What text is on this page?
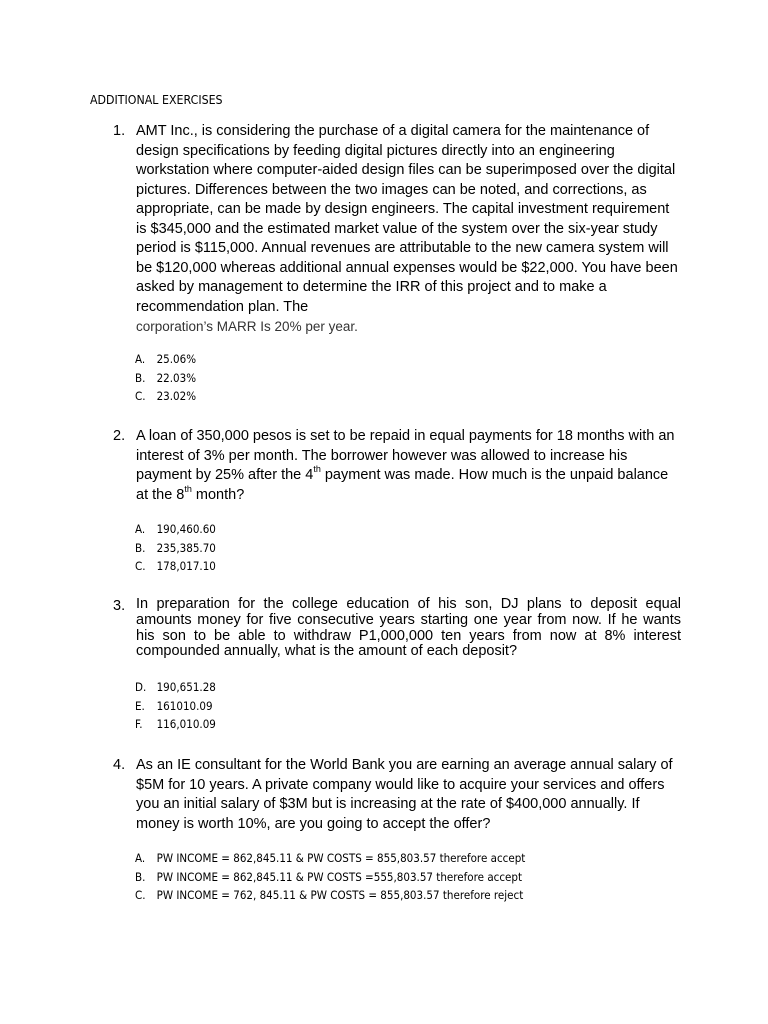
ADDITIONAL EXERCISES
1. AMT Inc., is considering the purchase of a digital camera for the maintenance of design specifications by feeding digital pictures directly into an engineering workstation where computer-aided design files can be superimposed over the digital pictures. Differences between the two images can be noted, and corrections, as appropriate, can be made by design engineers. The capital investment requirement is $345,000 and the estimated market value of the system over the six-year study period is $115,000. Annual revenues are attributable to the new camera system will be $120,000 whereas additional annual expenses would be $22,000. You have been asked by management to determine the IRR of this project and to make a recommendation plan. The
corporation’s MARR Is 20% per year.
A. 25.06%
B. 22.03%
C. 23.02%
2. A loan of 350,000 pesos is set to be repaid in equal payments for 18 months with an interest of 3% per month. The borrower however was allowed to increase his payment by 25% after the 4th payment was made. How much is the unpaid balance at the 8th month?
A. 190,460.60
B. 235,385.70
C. 178,017.10
3. In preparation for the college education of his son, DJ plans to deposit equal amounts money for five consecutive years starting one year from now. If he wants his son to be able to withdraw P1,000,000 ten years from now at 8% interest compounded annually, what is the amount of each deposit?
D. 190,651.28
E. 161010.09
F. 116,010.09
4. As an IE consultant for the World Bank you are earning an average annual salary of $5M for 10 years. A private company would like to acquire your services and offers you an initial salary of $3M but is increasing at the rate of $400,000 annually. If money is worth 10%, are you going to accept the offer?
A. PW INCOME = 862,845.11 & PW COSTS = 855,803.57 therefore accept
B. PW INCOME = 862,845.11 & PW COSTS =555,803.57 therefore accept
C. PW INCOME = 762, 845.11 & PW COSTS = 855,803.57 therefore reject
